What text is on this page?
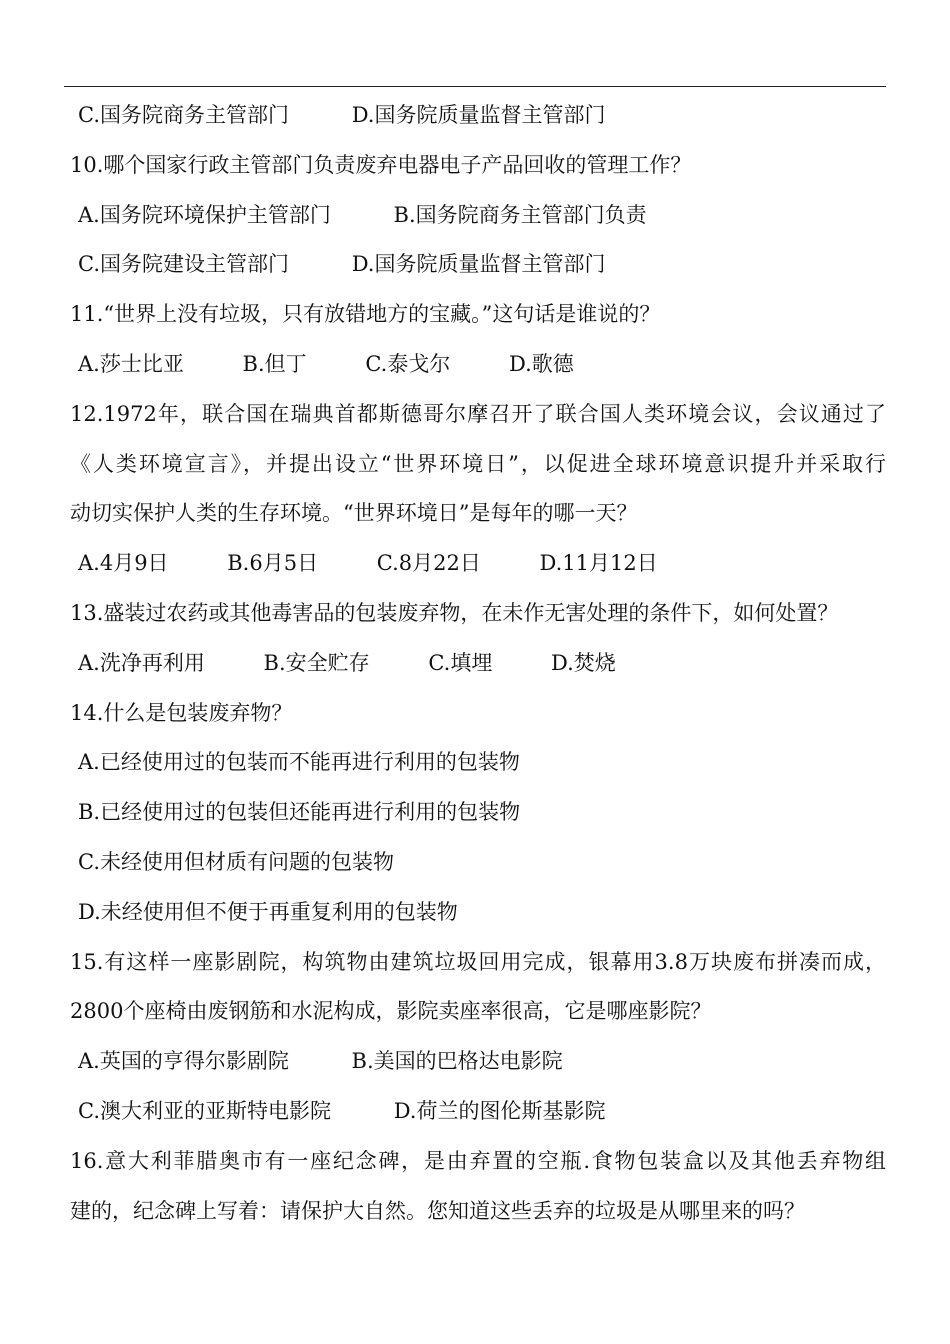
C.国务院商务主管部门	D.国务院质量监督主管部门
10.哪个国家行政主管部门负责废弃电器电子产品回收的管理工作？
A.国务院环境保护主管部门	B.国务院商务主管部门负责
C.国务院建设主管部门	D.国务院质量监督主管部门
11.“世界上没有垃圾，只有放错地方的宝藏。”这句话是谁说的？
A.莎士比亚	B.但丁	C.泰戈尔	D.歌德
12.1972年，联合国在瑞典首都斯德哥尔摩召开了联合国人类环境会议，会议通过了
《人类环境宣言》，并提出设立“世界环境日”，以促进全球环境意识提升并采取行
动切实保护人类的生存环境。“世界环境日”是每年的哪一天？
A.4月9日	B.6月5日	C.8月22日	D.11月12日
13.盛装过农药或其他毒害品的包装废弃物，在未作无害处理的条件下，如何处置？
A.洗净再利用	B.安全贮存	C.填埋	D.焚烧
14.什么是包装废弃物？
A.已经使用过的包装而不能再进行利用的包装物
B.已经使用过的包装但还能再进行利用的包装物
C.未经使用但材质有问题的包装物
D.未经使用但不便于再重复利用的包装物
15.有这样一座影剧院，构筑物由建筑垃圾回用完成，银幕用3.8万块废布拼凑而成，
2800个座椅由废钢筋和水泥构成，影院卖座率很高，它是哪座影院？
A.英国的亨得尔影剧院	B.美国的巴格达电影院
C.澳大利亚的亚斯特电影院	D.荷兰的图伦斯基影院
16.意大利菲腊奥市有一座纪念碑，是由弃置的空瓶.食物包装盒以及其他丢弃物组
建的，纪念碑上写着：请保护大自然。您知道这些丢弃的垃圾是从哪里来的吗？
